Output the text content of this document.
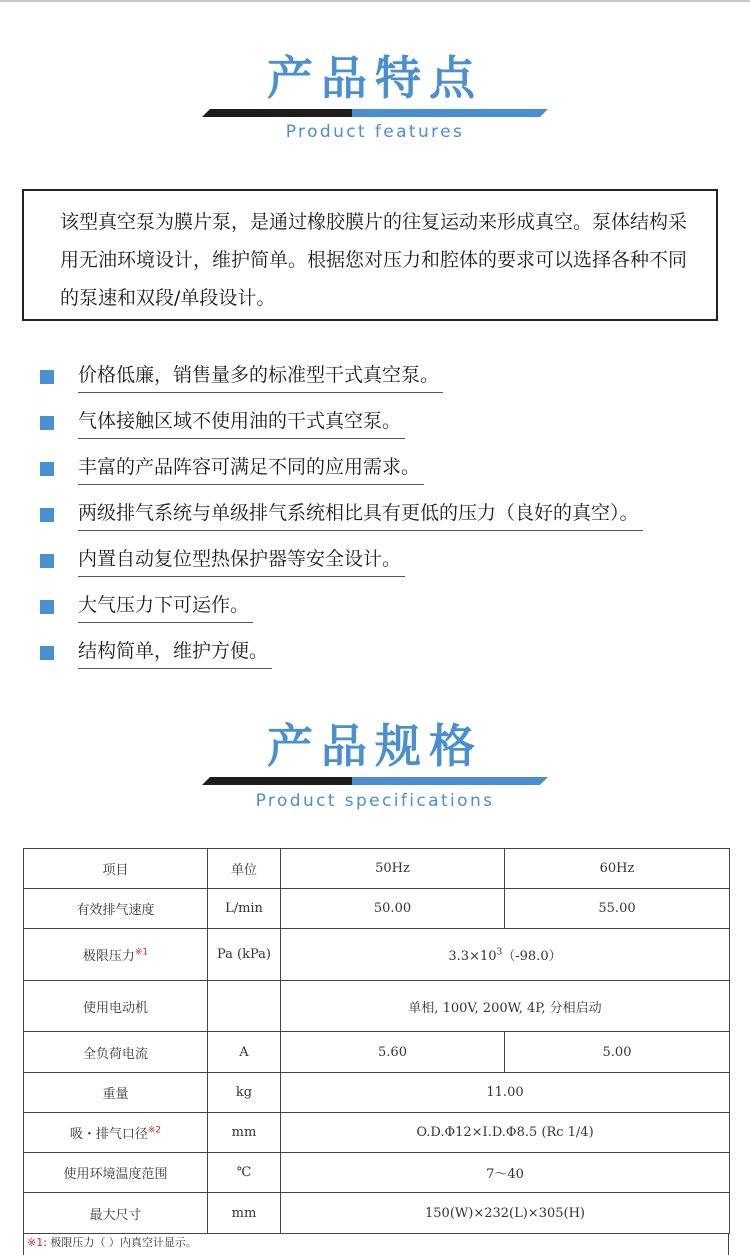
产品特点
Product features

该型真空泵为膜片泵，是通过橡胶膜片的往复运动来形成真空。泵体结构采用无油环境设计，维护简单。根据您对压力和腔体的要求可以选择各种不同的泵速和双段/单段设计。

价格低廉，销售量多的标准型干式真空泵。
气体接触区域不使用油的干式真空泵。
丰富的产品阵容可满足不同的应用需求。
两级排气系统与单级排气系统相比具有更低的压力（良好的真空）。
内置自动复位型热保护器等安全设计。
大气压力下可运作。
结构简单，维护方便。
产品规格
Product specifications
项目	单位	50Hz	60Hz
有效排气速度	L/min	50.00	55.00
极限压力$^{※1}$	Pa (kPa)	$3.3\times 10^3(-98.0)$	
使用电动机		单相, 100V, 200W, 4P, 分相启动	
全负荷电流	A	5.60	5.00
重量	kg	11.00	
吸・排气口径$^{※2}$	mm	O.D.Φ12×I.D.Φ8.5 (Rc 1/4)	
使用环境温度范围	℃	7～40	
最大尺寸	mm	150(W)×232(L)×305(H)	
※1: 极限压力（ ）内真空计显示。
